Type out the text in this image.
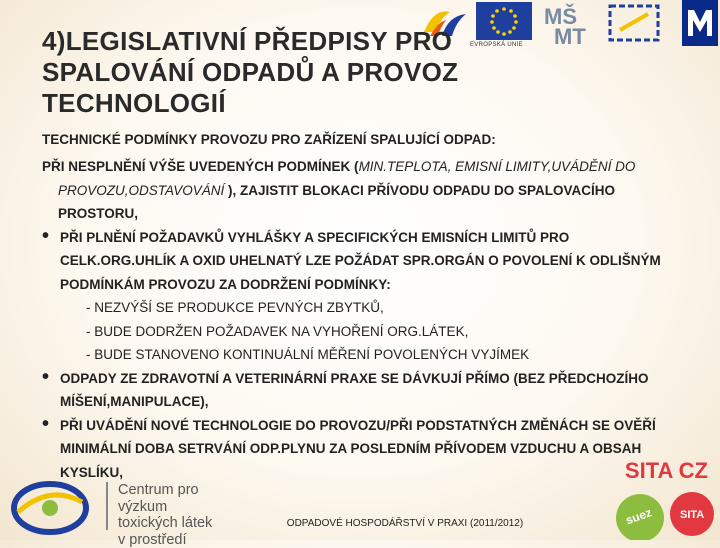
EVROPSKÁ UNIE
MŠ
MT
4)LEGISLATIVNÍ PŘEDPISY PRO
SPALOVÁNÍ ODPADŮ A PROVOZ
TECHNOLOGIÍ
TECHNICKÉ PODMÍNKY PROVOZU PRO ZAŘÍZENÍ SPALUJÍCÍ ODPAD:
PŘI NESPLNĚNÍ VÝŠE UVEDENÝCH PODMÍNEK (MIN.TEPLOTA, EMISNÍ LIMITY,UVÁDĚNÍ DO PROVOZU,ODSTAVOVÁNÍ ), ZAJISTIT BLOKACI PŘÍVODU ODPADU DO SPALOVACÍHO PROSTORU,
•PŘI PLNĚNÍ POŽADAVKŮ VYHLÁŠKY A SPECIFICKÝCH EMISNÍCH LIMITŮ PRO CELK.ORG.UHLÍK A OXID UHELNATÝ LZE POŽÁDAT SPR.ORGÁN O POVOLENÍ K ODLIŠNÝM PODMÍNKÁM PROVOZU ZA DODRŽENÍ PODMÍNKY:
- NEZVÝŠÍ SE PRODUKCE PEVNÝCH ZBYTKŮ,
- BUDE DODRŽEN POŽADAVEK NA VYHOŘENÍ ORG.LÁTEK,
- BUDE STANOVENO KONTINUÁLNÍ MĚŘENÍ POVOLENÝCH VYJÍMEK
•ODPADY ZE ZDRAVOTNÍ A VETERINÁRNÍ PRAXE SE DÁVKUJÍ PŘÍMO (BEZ PŘEDCHOZÍHO MÍŠENÍ,MANIPULACE),
•PŘI UVÁDĚNÍ NOVÉ TECHNOLOGIE DO PROVOZU/PŘI PODSTATNÝCH ZMĚNÁCH SE OVĚŘÍ MINIMÁLNÍ DOBA SETRVÁNÍ ODP.PLYNU ZA POSLEDNÍM PŘÍVODEM VZDUCHU A OBSAH KYSLÍKU,
Centrum pro výzkum
toxických látek
v prostředí
ODPADOVÉ HOSPODÁŘSTVÍ V PRAXI (2011/2012)
SITA CZ
suez SITA
